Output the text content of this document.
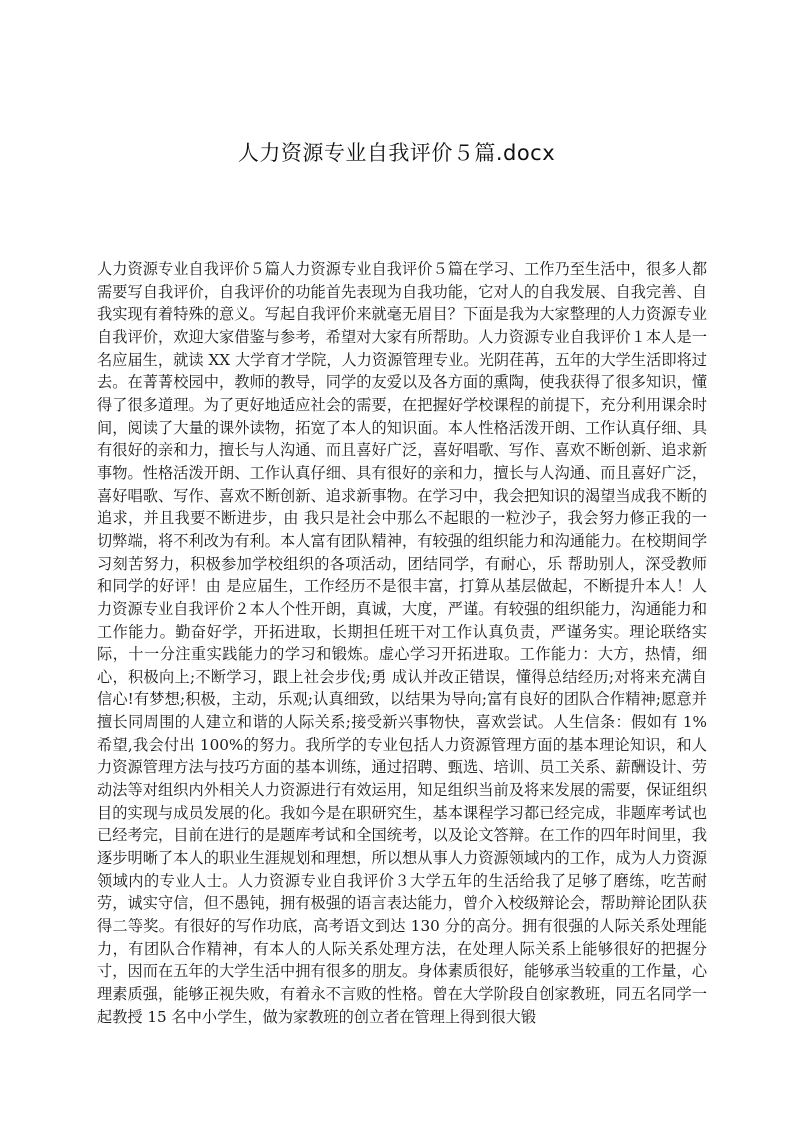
人力资源专业自我评价５篇.docx

人力资源专业自我评价５篇人力资源专业自我评价５篇在学习、工作乃至生活中，很多人都需要写自我评价，自我评价的功能首先表现为自我功能，它对人的自我发展、自我完善、自我实现有着特殊的意义。写起自我评价来就毫无眉目？下面是我为大家整理的人力资源专业自我评价，欢迎大家借鉴与参考，希望对大家有所帮助。人力资源专业自我评价１本人是一名应届生，就读 XX 大学育才学院，人力资源管理专业。光阴荏苒，五年的大学生活即将过去。在菁菁校园中，教师的教导，同学的友爱以及各方面的熏陶，使我获得了很多知识，懂得了很多道理。为了更好地适应社会的需要，在把握好学校课程的前提下，充分利用课余时间，阅读了大量的课外读物，拓宽了本人的知识面。本人性格活泼开朗、工作认真仔细、具有很好的亲和力，擅长与人沟通、而且喜好广泛，喜好唱歌、写作、喜欢不断创新、追求新事物。性格活泼开朗、工作认真仔细、具有很好的亲和力，擅长与人沟通、而且喜好广泛，喜好唱歌、写作、喜欢不断创新、追求新事物。在学习中，我会把知识的渴望当成我不断的追求，并且我要不断进步，由 我只是社会中那么不起眼的一粒沙子，我会努力修正我的一切弊端，将不利改为有利。本人富有团队精神，有较强的组织能力和沟通能力。在校期间学习刻苦努力，积极参加学校组织的各项活动，团结同学，有耐心，乐 帮助别人，深受教师和同学的好评！由 是应届生，工作经历不是很丰富，打算从基层做起，不断提升本人！人力资源专业自我评价２本人个性开朗，真诚，大度，严谨。有较强的组织能力，沟通能力和工作能力。勤奋好学，开拓进取，长期担任班干对工作认真负责，严谨务实。理论联络实际，十一分注重实践能力的学习和锻炼。虚心学习开拓进取。工作能力：大方，热情，细心，积极向上;不断学习，跟上社会步伐;勇 成认并改正错误，懂得总结经历;对将来充满自信心!有梦想;积极，主动，乐观;认真细致，以结果为导向;富有良好的团队合作精神;愿意并擅长同周围的人建立和谐的人际关系;接受新兴事物快，喜欢尝试。人生信条：假如有 1%希望,我会付出 100%的努力。我所学的专业包括人力资源管理方面的基本理论知识，和人力资源管理方法与技巧方面的基本训练，通过招聘、甄选、培训、员工关系、薪酬设计、劳动法等对组织内外相关人力资源进行有效运用，知足组织当前及将来发展的需要，保证组织目的实现与成员发展的化。我如今是在职研究生，基本课程学习都已经完成，非题库考试也已经考完，目前在进行的是题库考试和全国统考，以及论文答辩。在工作的四年时间里，我逐步明晰了本人的职业生涯规划和理想，所以想从事人力资源领域内的工作，成为人力资源领域内的专业人士。人力资源专业自我评价３大学五年的生活给我了足够了磨练，吃苦耐劳，诚实守信，但不愚钝，拥有极强的语言表达能力，曾介入校级辩论会，帮助辩论团队获得二等奖。有很好的写作功底，高考语文到达 130 分的高分。拥有很强的人际关系处理能力，有团队合作精神，有本人的人际关系处理方法，在处理人际关系上能够很好的把握分寸，因而在五年的大学生活中拥有很多的朋友。身体素质很好，能够承当较重的工作量，心理素质强，能够正视失败，有着永不言败的性格。曾在大学阶段自创家教班，同五名同学一起教授 15 名中小学生，做为家教班的创立者在管理上得到很大锻
